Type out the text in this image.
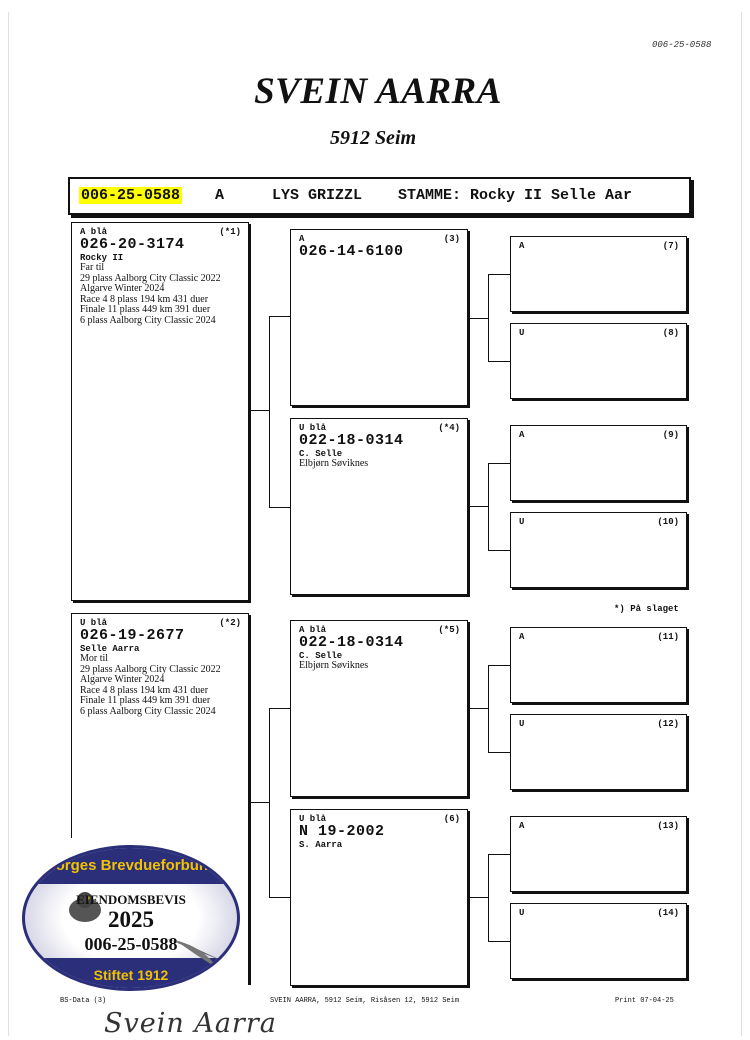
006-25-0588
SVEIN AARRA
5912 Seim
006-25-0588 A	LYS GRIZZL STAMME: Rocky II Selle Aar
A blå	(*1)
026-20-3174
Rocky II
Far til
29 plass Aalborg City Classic 2022
Algarve Winter 2024
Race 4 8 plass 194 km 431 duer
Finale 11 plass 449 km 391 duer
6 plass Aalborg City Classic 2024
U blå	(*2)
026-19-2677
Selle Aarra
Mor til
29 plass Aalborg City Classic 2022
Algarve Winter 2024
Race 4 8 plass 194 km 431 duer
Finale 11 plass 449 km 391 duer
6 plass Aalborg City Classic 2024
A	(3)
026-14-6100
U blå	(*4)
022-18-0314
C. Selle
Elbjørn Søviknes
A blå	(*5)
022-18-0314
C. Selle
Elbjørn Søviknes
U blå	(6)
N 19-2002
S. Aarra
A	(7)
U	(8)
A	(9)
U	(10)
A	(11)
U	(12)
A	(13)
U	(14)
*) På slaget
Norges Brevdueforbund
EIENDOMSBEVIS
2025
006-25-0588
Stiftet 1912
BS-Data (3)	SVEIN AARRA, 5912 Seim, Risåsen 12, 5912 Seim	Print 07-04-25
Svein Aarra
